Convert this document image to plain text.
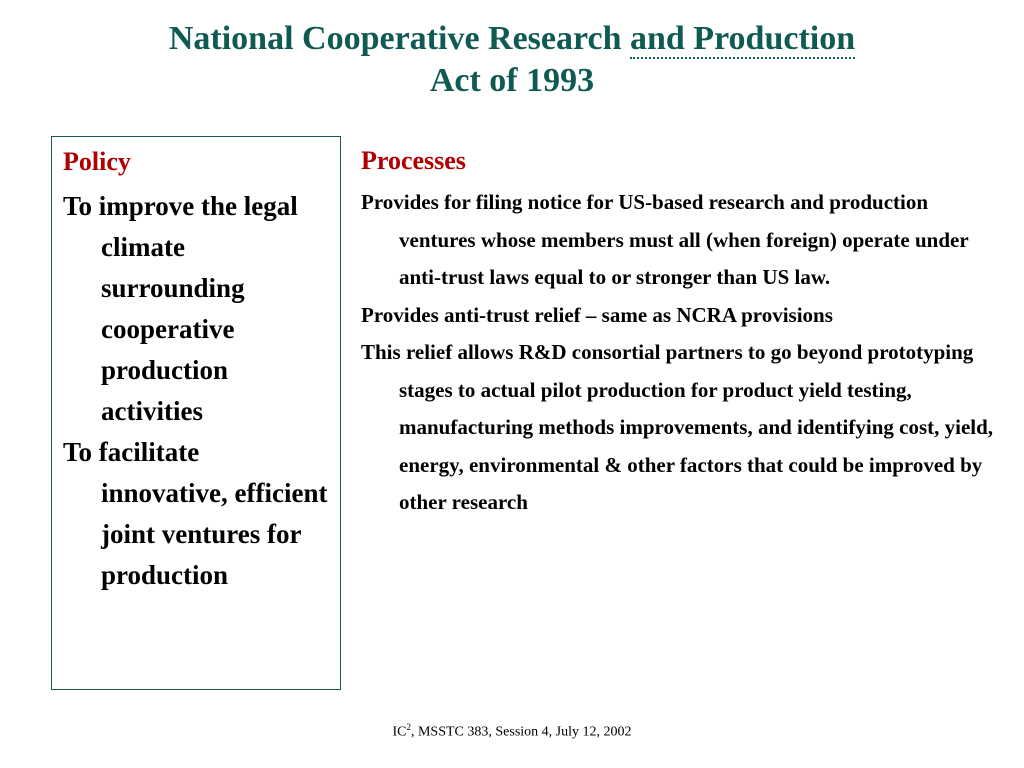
National Cooperative Research and Production
Act of 1993
Policy
To improve the legal climate surrounding cooperative production activities
To facilitate innovative, efficient joint ventures for production
Processes
Provides for filing notice for US-based research and production ventures whose members must all (when foreign) operate under anti-trust laws equal to or stronger than US law.
Provides anti-trust relief – same as NCRA provisions
This relief allows R&D consortial partners to go beyond prototyping stages to actual pilot production for product yield testing, manufacturing methods improvements, and identifying cost, yield, energy, environmental & other factors that could be improved by other research
$IC^2$, MSSTC 383, Session 4, July 12, 2002
